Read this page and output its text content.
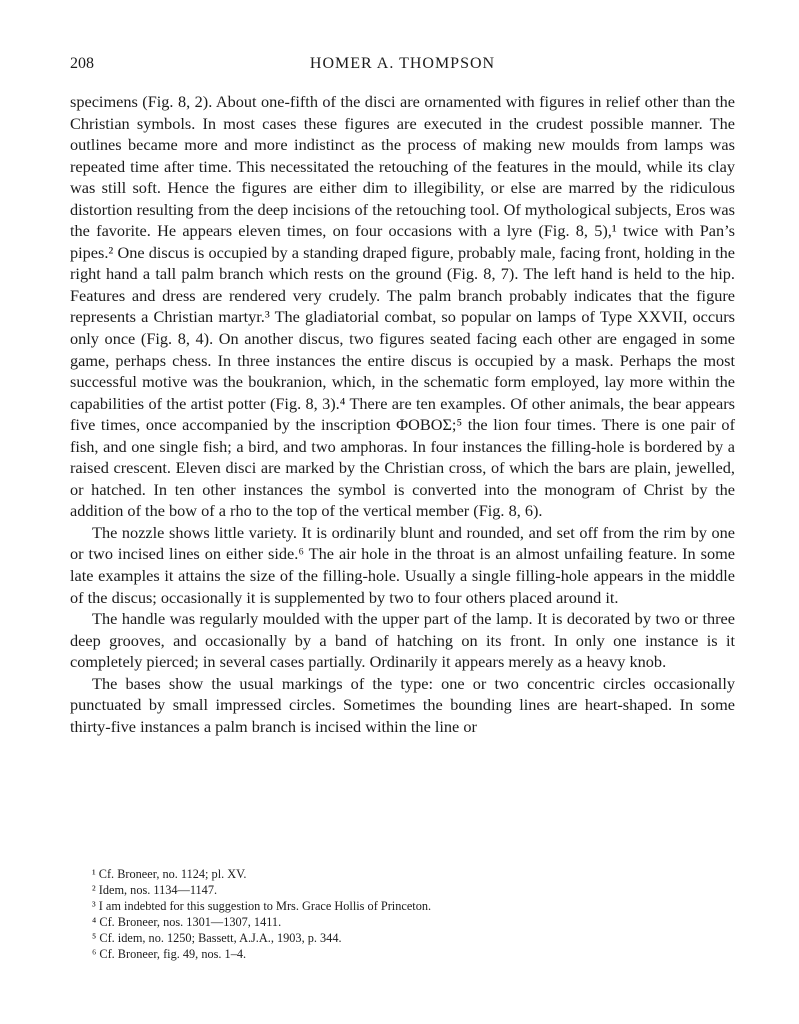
208	HOMER A. THOMPSON

specimens (Fig. 8, 2). About one-fifth of the disci are ornamented with figures in relief other than the Christian symbols. In most cases these figures are executed in the crudest possible manner. The outlines became more and more indistinct as the process of making new moulds from lamps was repeated time after time. This necessitated the retouching of the features in the mould, while its clay was still soft. Hence the figures are either dim to illegibility, or else are marred by the ridiculous distortion resulting from the deep incisions of the retouching tool. Of mythological subjects, Eros was the favorite. He appears eleven times, on four occasions with a lyre (Fig. 8, 5),¹ twice with Pan’s pipes.² One discus is occupied by a standing draped figure, probably male, facing front, holding in the right hand a tall palm branch which rests on the ground (Fig. 8, 7). The left hand is held to the hip. Features and dress are rendered very crudely. The palm branch probably indicates that the figure represents a Christian martyr.³ The gladiatorial combat, so popular on lamps of Type XXVII, occurs only once (Fig. 8, 4). On another discus, two figures seated facing each other are engaged in some game, perhaps chess. In three instances the entire discus is occupied by a mask. Perhaps the most successful motive was the boukranion, which, in the schematic form employed, lay more within the capabilities of the artist potter (Fig. 8, 3).⁴ There are ten examples. Of other animals, the bear appears five times, once accompanied by the inscription ΦΟΒΟΣ;⁵ the lion four times. There is one pair of fish, and one single fish; a bird, and two amphoras. In four instances the filling-hole is bordered by a raised crescent. Eleven disci are marked by the Christian cross, of which the bars are plain, jewelled, or hatched. In ten other instances the symbol is converted into the monogram of Christ by the addition of the bow of a rho to the top of the vertical member (Fig. 8, 6).

The nozzle shows little variety. It is ordinarily blunt and rounded, and set off from the rim by one or two incised lines on either side.⁶ The air hole in the throat is an almost unfailing feature. In some late examples it attains the size of the filling-hole. Usually a single filling-hole appears in the middle of the discus; occasionally it is supplemented by two to four others placed around it.

The handle was regularly moulded with the upper part of the lamp. It is decorated by two or three deep grooves, and occasionally by a band of hatching on its front. In only one instance is it completely pierced; in several cases partially. Ordinarily it appears merely as a heavy knob.

The bases show the usual markings of the type: one or two concentric circles occasionally punctuated by small impressed circles. Sometimes the bounding lines are heart-shaped. In some thirty-five instances a palm branch is incised within the line or

¹ Cf. Broneer, no. 1124; pl. XV.
² Idem, nos. 1134—1147.
³ I am indebted for this suggestion to Mrs. Grace Hollis of Princeton.
⁴ Cf. Broneer, nos. 1301—1307, 1411.
⁵ Cf. idem, no. 1250; Bassett, A.J.A., 1903, p. 344.
⁶ Cf. Broneer, fig. 49, nos. 1–4.
